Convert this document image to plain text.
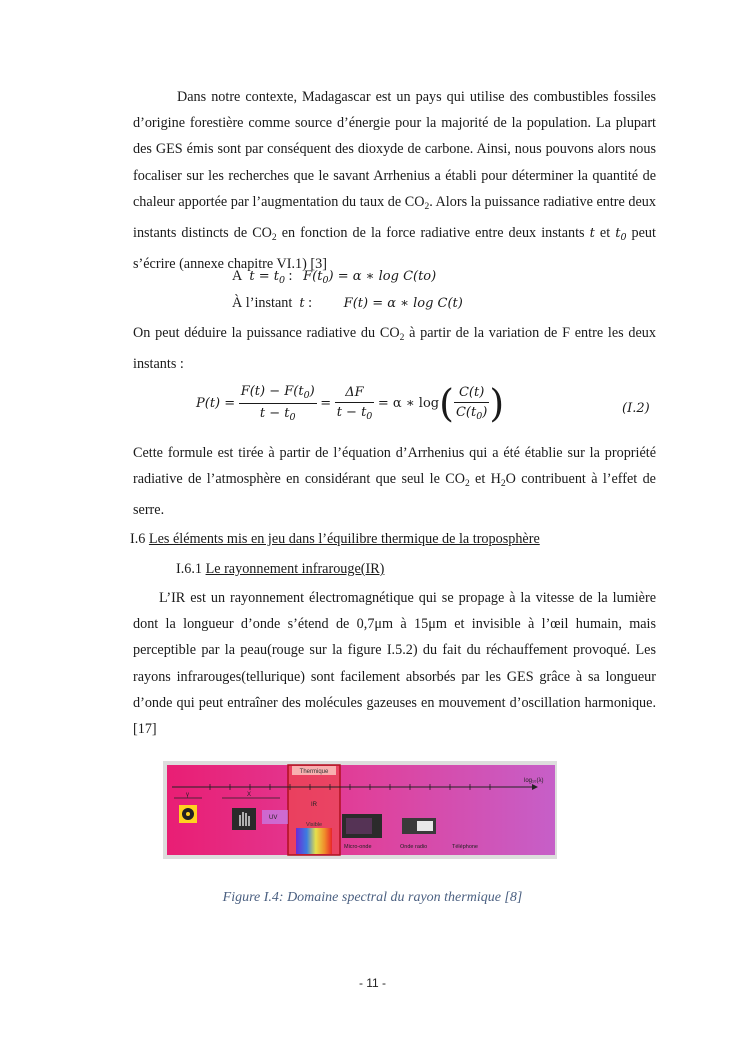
Dans notre contexte, Madagascar est un pays qui utilise des combustibles fossiles d’origine forestière comme source d’énergie pour la majorité de la population. La plupart des GES émis sont par conséquent des dioxyde de carbone. Ainsi, nous pouvons alors nous focaliser sur les recherches que le savant Arrhenius a établi pour déterminer la quantité de chaleur apportée par l’augmentation du taux de $CO_2$. Alors la puissance radiative entre deux instants distincts de $CO_2$ en fonction de la force radiative entre deux instants t et $t_0$ peut s’écrire (annexe chapitre VI.1) [3]

A $t = t_0$ : $F(t_0) = \alpha$ ∗ log C(to)
À l’instant t : F(t) = α ∗ log C(t)

On peut déduire la puissance radiative du $CO_2$ à partir de la variation de F entre les deux instants :

$P(t) = \frac{F(t) - F(t_0)}{t - t_0} = \frac{\Delta F}{t - t_0} = \alpha$ ∗ $\log( \frac{C(t)}{C(t_0)}$ )	(I.2)

Cette formule est tirée à partir de l’équation d’Arrhenius qui a été établie sur la propriété radiative de l’atmosphère en considérant que seul le $CO_2$ et $H_2O$ contribuent à l’effet de serre.

I.6 Les éléments mis en jeu dans l’équilibre thermique de la troposphère
I.6.1 Le rayonnement infrarouge(IR)

L’IR est un rayonnement électromagnétique qui se propage à la vitesse de la lumière dont la longueur d’onde s’étend de 0,7μm à 15μm et invisible à l’œil humain, mais perceptible par la peau(rouge sur la figure I.5.2) du fait du réchauffement provoqué. Les rayons infrarouges(tellurique) sont facilement absorbés par les GES grâce à sa longueur d’onde qui peut entraîner des molécules gazeuses en mouvement d’oscillation harmonique. [17]

Thermique
log₁₀(λ)
γ	X
UV
Visible
IR
Micro-onde	Onde radio	Téléphone
Figure I.4: Domaine spectral du rayon thermique [8]
- 11 -
